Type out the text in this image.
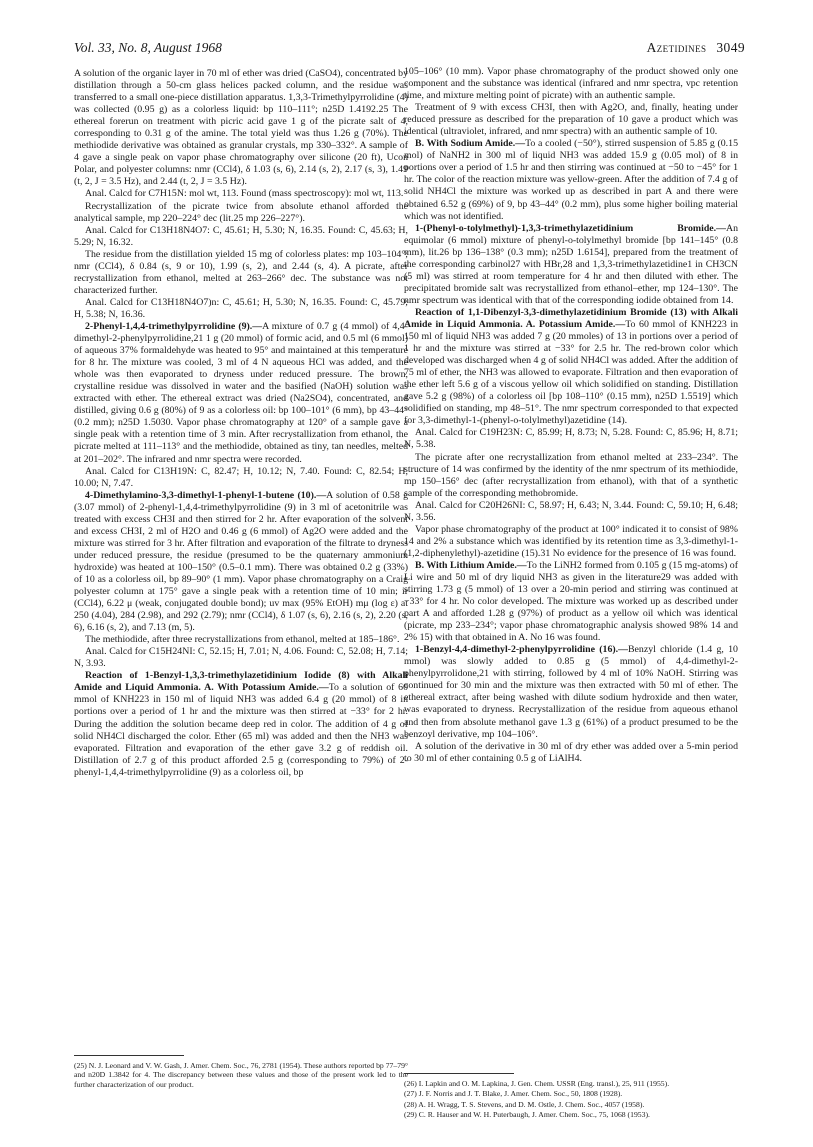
Vol. 33, No. 8, August 1968	Azetidines 3049

A solution of the organic layer in 70 ml of ether was dried (CaSO4), concentrated by distillation through a 50-cm glass helices packed column, and the residue was transferred to a small one-piece distillation apparatus. 1,3,3-Trimethylpyrrolidine (4) was collected (0.95 g) as a colorless liquid: bp 110–111°; n25D 1.4192.25 The ethereal forerun on treatment with picric acid gave 1 g of the picrate salt of 4, corresponding to 0.31 g of the amine. The total yield was thus 1.26 g (70%). The methiodide derivative was obtained as granular crystals, mp 330–332°. A sample of 4 gave a single peak on vapor phase chromatography over silicone (20 ft), Ucon Polar, and polyester columns: nmr (CCl4), δ 1.03 (s, 6), 2.14 (s, 2), 2.17 (s, 3), 1.49 (t, 2, J = 3.5 Hz), and 2.44 (t, 2, J = 3.5 Hz).

Anal. Calcd for C7H15N: mol wt, 113. Found (mass spectroscopy): mol wt, 113.

Recrystallization of the picrate twice from absolute ethanol afforded the analytical sample, mp 220–224° dec (lit.25 mp 226–227°).

Anal. Calcd for C13H18N4O7: C, 45.61; H, 5.30; N, 16.35. Found: C, 45.63; H, 5.29; N, 16.32.

The residue from the distillation yielded 15 mg of colorless plates: mp 103–104°; nmr (CCl4), δ 0.84 (s, 9 or 10), 1.99 (s, 2), and 2.44 (s, 4). A picrate, after recrystallization from ethanol, melted at 263–266° dec. The substance was not characterized further.

Anal. Calcd for C13H18N4O7)n: C, 45.61; H, 5.30; N, 16.35. Found: C, 45.79; H, 5.38; N, 16.36.

2-Phenyl-1,4,4-trimethylpyrrolidine (9).—A mixture of 0.7 g (4 mmol) of 4,4-dimethyl-2-phenylpyrrolidine,21 1 g (20 mmol) of formic acid, and 0.5 ml (6 mmol) of aqueous 37% formaldehyde was heated to 95° and maintained at this temperature for 8 hr. The mixture was cooled, 3 ml of 4 N aqueous HCl was added, and the whole was then evaporated to dryness under reduced pressure. The brown, crystalline residue was dissolved in water and the basified (NaOH) solution was extracted with ether. The ethereal extract was dried (Na2SO4), concentrated, and distilled, giving 0.6 g (80%) of 9 as a colorless oil: bp 100–101° (6 mm), bp 43–44° (0.2 mm); n25D 1.5030. Vapor phase chromatography at 120° of a sample gave a single peak with a retention time of 3 min. After recrystallization from ethanol, the picrate melted at 111–113° and the methiodide, obtained as tiny, tan needles, melted at 201–202°. The infrared and nmr spectra were recorded.

Anal. Calcd for C13H19N: C, 82.47; H, 10.12; N, 7.40. Found: C, 82.54; H, 10.00; N, 7.47.

4-Dimethylamino-3,3-dimethyl-1-phenyl-1-butene (10).—A solution of 0.58 g (3.07 mmol) of 2-phenyl-1,4,4-trimethylpyrrolidine (9) in 3 ml of acetonitrile was treated with excess CH3I and then stirred for 2 hr. After evaporation of the solvent and excess CH3I, 2 ml of H2O and 0.46 g (6 mmol) of Ag2O were added and the mixture was stirred for 3 hr. After filtration and evaporation of the filtrate to dryness under reduced pressure, the residue (presumed to be the quaternary ammonium hydroxide) was heated at 100–150° (0.5–0.1 mm). There was obtained 0.2 g (33%) of 10 as a colorless oil, bp 89–90° (1 mm). Vapor phase chromatography on a Craig polyester column at 175° gave a single peak with a retention time of 10 min; ir (CCl4), 6.22 μ (weak, conjugated double bond); uv max (95% EtOH) mμ (log ε) at 250 (4.04), 284 (2.98), and 292 (2.79); nmr (CCl4), δ 1.07 (s, 6), 2.16 (s, 2), 2.20 (s, 6), 6.16 (s, 2), and 7.13 (m, 5).

The methiodide, after three recrystallizations from ethanol, melted at 185–186°.

Anal. Calcd for C15H24NI: C, 52.15; H, 7.01; N, 4.06. Found: C, 52.08; H, 7.14; N, 3.93.

Reaction of 1-Benzyl-1,3,3-trimethylazetidinium Iodide (8) with Alkali Amide and Liquid Ammonia. A. With Potassium Amide.—To a solution of 60 mmol of KNH223 in 150 ml of liquid NH3 was added 6.4 g (20 mmol) of 8 in portions over a period of 1 hr and the mixture was then stirred at −33° for 2 hr. During the addition the solution became deep red in color. The addition of 4 g of solid NH4Cl discharged the color. Ether (65 ml) was added and then the NH3 was evaporated. Filtration and evaporation of the ether gave 3.2 g of reddish oil. Distillation of 2.7 g of this product afforded 2.5 g (corresponding to 79%) of 2-phenyl-1,4,4-trimethylpyrrolidine (9) as a colorless oil, bp

105–106° (10 mm). Vapor phase chromatography of the product showed only one component and the substance was identical (infrared and nmr spectra, vpc retention time, and mixture melting point of picrate) with an authentic sample.

Treatment of 9 with excess CH3I, then with Ag2O, and, finally, heating under reduced pressure as described for the preparation of 10 gave a product which was identical (ultraviolet, infrared, and nmr spectra) with an authentic sample of 10.

B. With Sodium Amide.—To a cooled (−50°), stirred suspension of 5.85 g (0.15 mol) of NaNH2 in 300 ml of liquid NH3 was added 15.9 g (0.05 mol) of 8 in portions over a period of 1.5 hr and then stirring was continued at −50 to −45° for 1 hr. The color of the reaction mixture was yellow-green. After the addition of 7.4 g of solid NH4Cl the mixture was worked up as described in part A and there were obtained 6.52 g (69%) of 9, bp 43–44° (0.2 mm), plus some higher boiling material which was not identified.

1-(Phenyl-o-tolylmethyl)-1,3,3-trimethylazetidinium Bromide.—An equimolar (6 mmol) mixture of phenyl-o-tolylmethyl bromide [bp 141–145° (0.8 mm), lit.26 bp 136–138° (0.3 mm); n25D 1.6154], prepared from the treatment of the corresponding carbinol27 with HBr,28 and 1,3,3-trimethylazetidine1 in CH3CN (5 ml) was stirred at room temperature for 4 hr and then diluted with ether. The precipitated bromide salt was recrystallized from ethanol–ether, mp 124–130°. The nmr spectrum was identical with that of the corresponding iodide obtained from 14.

Reaction of 1,1-Dibenzyl-3,3-dimethylazetidinium Bromide (13) with Alkali Amide in Liquid Ammonia. A. Potassium Amide.—To 60 mmol of KNH223 in 150 ml of liquid NH3 was added 7 g (20 mmoles) of 13 in portions over a period of 1 hr and the mixture was stirred at −33° for 2.5 hr. The red-brown color which developed was discharged when 4 g of solid NH4Cl was added. After the addition of 75 ml of ether, the NH3 was allowed to evaporate. Filtration and then evaporation of the ether left 5.6 g of a viscous yellow oil which solidified on standing. Distillation gave 5.2 g (98%) of a colorless oil [bp 108–110° (0.15 mm), n25D 1.5519] which solidified on standing, mp 48–51°. The nmr spectrum corresponded to that expected for 3,3-dimethyl-1-(phenyl-o-tolylmethyl)azetidine (14).

Anal. Calcd for C19H23N: C, 85.99; H, 8.73; N, 5.28. Found: C, 85.96; H, 8.71; N, 5.38.

The picrate after one recrystallization from ethanol melted at 233–234°. The structure of 14 was confirmed by the identity of the nmr spectrum of its methiodide, mp 150–156° dec (after recrystallization from ethanol), with that of a synthetic sample of the corresponding methobromide.

Anal. Calcd for C20H26NI: C, 58.97; H, 6.43; N, 3.44. Found: C, 59.10; H, 6.48; N, 3.56.

Vapor phase chromatography of the product at 100° indicated it to consist of 98% 14 and 2% a substance which was identified by its retention time as 3,3-dimethyl-1-(1,2-diphenylethyl)-azetidine (15).31 No evidence for the presence of 16 was found.

B. With Lithium Amide.—To the LiNH2 formed from 0.105 g (15 mg-atoms) of Li wire and 50 ml of dry liquid NH3 as given in the literature29 was added with stirring 1.73 g (5 mmol) of 13 over a 20-min period and stirring was continued at −33° for 4 hr. No color developed. The mixture was worked up as described under part A and afforded 1.28 g (97%) of product as a yellow oil which was identical (picrate, mp 233–234°; vapor phase chromatographic analysis showed 98% 14 and 2% 15) with that obtained in A. No 16 was found.

1-Benzyl-4,4-dimethyl-2-phenylpyrrolidine (16).—Benzyl chloride (1.4 g, 10 mmol) was slowly added to 0.85 g (5 mmol) of 4,4-dimethyl-2-phenylpyrrolidone,21 with stirring, followed by 4 ml of 10% NaOH. Stirring was continued for 30 min and the mixture was then extracted with 50 ml of ether. The ethereal extract, after being washed with dilute sodium hydroxide and then water, was evaporated to dryness. Recrystallization of the residue from aqueous ethanol and then from absolute methanol gave 1.3 g (61%) of a product presumed to be the benzoyl derivative, mp 104–106°.

A solution of the derivative in 30 ml of dry ether was added over a 5-min period to 30 ml of ether containing 0.5 g of LiAlH4.

(25) N. J. Leonard and V. W. Gash, J. Amer. Chem. Soc., 76, 2781 (1954). These authors reported bp 77–79° and n20D 1.3842 for 4. The discrepancy between these values and those of the present work led to the further characterization of our product.	(26) I. Lapkin and O. M. Lapkina, J. Gen. Chem. USSR (Eng. transl.), 25, 911 (1955).

(27) J. F. Norris and J. T. Blake, J. Amer. Chem. Soc., 50, 1808 (1928).

(28) A. H. Wragg, T. S. Stevens, and D. M. Ostle, J. Chem. Soc., 4057 (1958).

(29) C. R. Hauser and W. H. Puterbaugh, J. Amer. Chem. Soc., 75, 1068 (1953).
